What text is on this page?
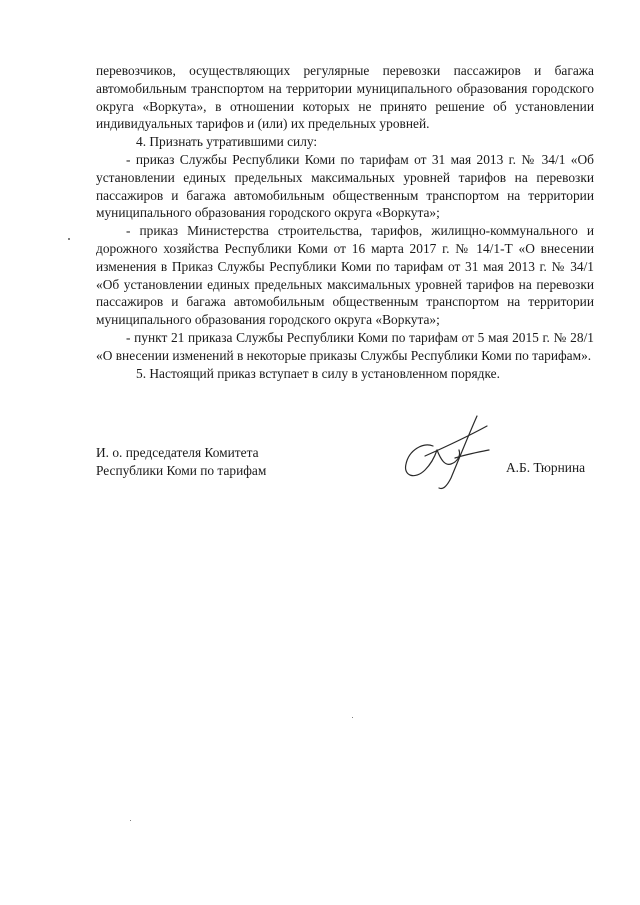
перевозчиков, осуществляющих регулярные перевозки пассажиров и багажа автомобильным транспортом на территории муниципального образования городского округа «Воркута», в отношении которых не принято решение об установлении индивидуальных тарифов и (или) их предельных уровней.

4. Признать утратившими силу:

- приказ Службы Республики Коми по тарифам от 31 мая 2013 г. № 34/1 «Об установлении единых предельных максимальных уровней тарифов на перевозки пассажиров и багажа автомобильным общественным транспортом на территории муниципального образования городского округа «Воркута»;

- приказ Министерства строительства, тарифов, жилищно-коммунального и дорожного хозяйства Республики Коми от 16 марта 2017 г. № 14/1-Т «О внесении изменения в Приказ Службы Республики Коми по тарифам от 31 мая 2013 г. № 34/1 «Об установлении единых предельных максимальных уровней тарифов на перевозки пассажиров и багажа автомобильным общественным транспортом на территории муниципального образования городского округа «Воркута»;

- пункт 21 приказа Службы Республики Коми по тарифам от 5 мая 2015 г. № 28/1 «О внесении изменений в некоторые приказы Службы Республики Коми по тарифам».

5. Настоящий приказ вступает в силу в установленном порядке.

И. о. председателя Комитета
Республики Коми по тарифам	А.Б. Тюрнина
